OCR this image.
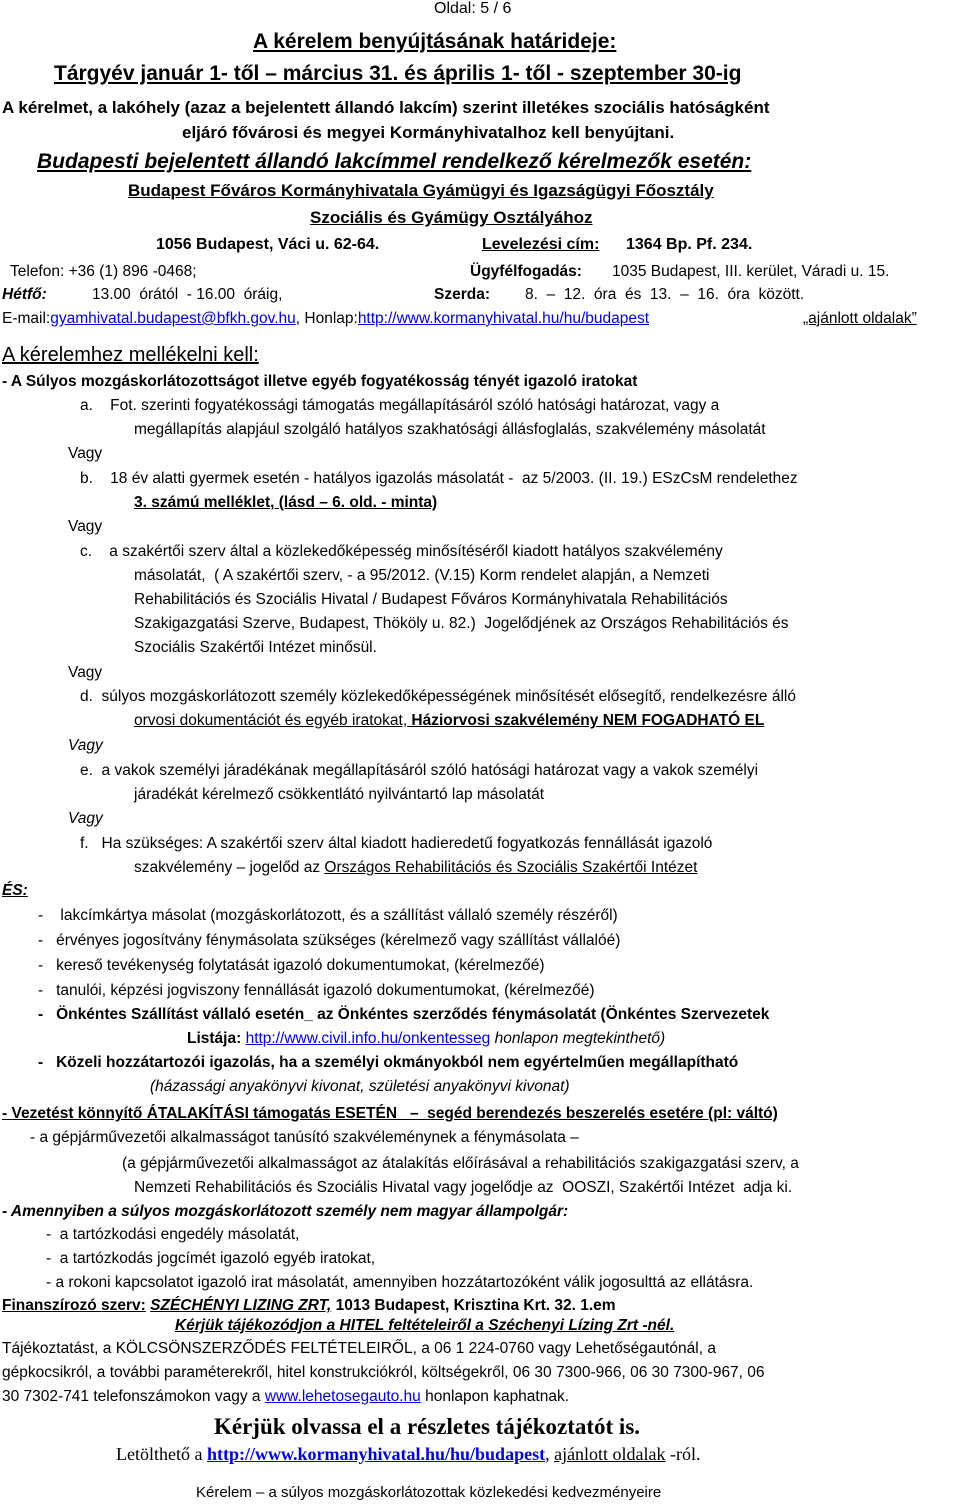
Oldal: 5 / 6
A kérelem benyújtásának határideje:
Tárgyév január 1- től – március 31. és április 1- től - szeptember 30-ig
A kérelmet, a lakóhely (azaz a bejelentett állandó lakcím) szerint illetékes szociális hatóságként
eljáró fővárosi és megyei Kormányhivatalhoz kell benyújtani.
Budapesti bejelentett állandó lakcímmel rendelkező kérelmezők esetén:
Budapest Főváros Kormányhivatala Gyámügyi és Igazságügyi Főosztály
Szociális és Gyámügy Osztályához
1056 Budapest, Váci u. 62-64.	Levelezési cím: 1364 Bp. Pf. 234.
Telefon: +36 (1) 896 -0468;	Ügyfélfogadás: 1035 Budapest, III. kerület, Váradi u. 15.
Hétfő:	13.00  órától  - 16.00  óráig,	Szerda: 8.  –  12.  óra  és  13.  –  16.  óra  között.
E-mail:gyamhivatal.budapest@bfkh.gov.hu, Honlap:http://www.kormanyhivatal.hu/hu/budapest	„ajánlott oldalak”
A kérelemhez mellékelni kell:
- A Súlyos mozgáskorlátozottságot illetve egyéb fogyatékosság tényét igazoló iratokat
a.    Fot. szerinti fogyatékossági támogatás megállapításáról szóló hatósági határozat, vagy a
megállapítás alapjául szolgáló hatályos szakhatósági állásfoglalás, szakvélemény másolatát
Vagy
b.    18 év alatti gyermek esetén - hatályos igazolás másolatát -  az 5/2003. (II. 19.) ESzCsM rendelethez
3. számú melléklet, (lásd – 6. old. - minta)
Vagy
c.    a szakértői szerv által a közlekedőképesség minősítéséről kiadott hatályos szakvélemény
másolatát,  ( A szakértői szerv, - a 95/2012. (V.15) Korm rendelet alapján, a Nemzeti
Rehabilitációs és Szociális Hivatal / Budapest Főváros Kormányhivatala Rehabilitációs
Szakigazgatási Szerve, Budapest, Thököly u. 82.)  Jogelődjének az Országos Rehabilitációs és
Szociális Szakértői Intézet minősül.
Vagy
d.  súlyos mozgáskorlátozott személy közlekedőképességének minősítését elősegítő, rendelkezésre álló
orvosi dokumentációt és egyéb iratokat, Háziorvosi szakvélemény NEM FOGADHATÓ EL
Vagy
e.  a vakok személyi járadékának megállapításáról szóló hatósági határozat vagy a vakok személyi
járadékát kérelmező csökkentlátó nyilvántartó lap másolatát
Vagy
f.   Ha szükséges: A szakértői szerv által kiadott hadieredetű fogyatkozás fennállását igazoló
szakvélemény – jogelőd az Országos Rehabilitációs és Szociális Szakértői Intézet
ÉS:
-    lakcímkártya másolat (mozgáskorlátozott, és a szállítást vállaló személy részéről)
-   érvényes jogosítvány fénymásolata szükséges (kérelmező vagy szállítást vállalóé)
-   kereső tevékenység folytatását igazoló dokumentumokat, (kérelmezőé)
-   tanulói, képzési jogviszony fennállását igazoló dokumentumokat, (kérelmezőé)
-   Önkéntes Szállítást vállaló esetén_ az Önkéntes szerződés fénymásolatát (Önkéntes Szervezetek
Listája: http://www.civil.info.hu/onkentesseg honlapon megtekinthető)
-   Közeli hozzátartozói igazolás, ha a személyi okmányokból nem egyértelműen megállapítható
(házassági anyakönyvi kivonat, születési anyakönyvi kivonat)
- Vezetést könnyítő ÁTALAKÍTÁSI támogatás ESETÉN   –  segéd berendezés beszerelés esetére (pl: váltó)
- a gépjárművezetői alkalmasságot tanúsító szakvéleménynek a fénymásolata –
(a gépjárművezetői alkalmasságot az átalakítás előírásával a rehabilitációs szakigazgatási szerv, a
Nemzeti Rehabilitációs és Szociális Hivatal vagy jogelődje az  OOSZI, Szakértői Intézet  adja ki.
- Amennyiben a súlyos mozgáskorlátozott személy nem magyar állampolgár:
-  a tartózkodási engedély másolatát,
-  a tartózkodás jogcímét igazoló egyéb iratokat,
- a rokoni kapcsolatot igazoló irat másolatát, amennyiben hozzátartozóként válik jogosulttá az ellátásra.
Finanszírozó szerv: SZÉCHÉNYI LIZING ZRT, 1013 Budapest, Krisztina Krt. 32. 1.em
Kérjük tájékozódjon a HITEL feltételeiről a Széchenyi Lízing Zrt -nél.
Tájékoztatást, a KÖLCSÖNSZERZŐDÉS FELTÉTELEIRŐL, a 06 1 224-0760 vagy Lehetőségautónál, a
gépkocsikról, a további paraméterekről, hitel konstrukciókról, költségekről, 06 30 7300-966, 06 30 7300-967, 06
30 7302-741 telefonszámokon vagy a www.lehetosegauto.hu honlapon kaphatnak.
Kérjük olvassa el a részletes tájékoztatót is.
Letölthető a http://www.kormanyhivatal.hu/hu/budapest, ajánlott oldalak -ról.
Kérelem – a súlyos mozgáskorlátozottak közlekedési kedvezményeire
